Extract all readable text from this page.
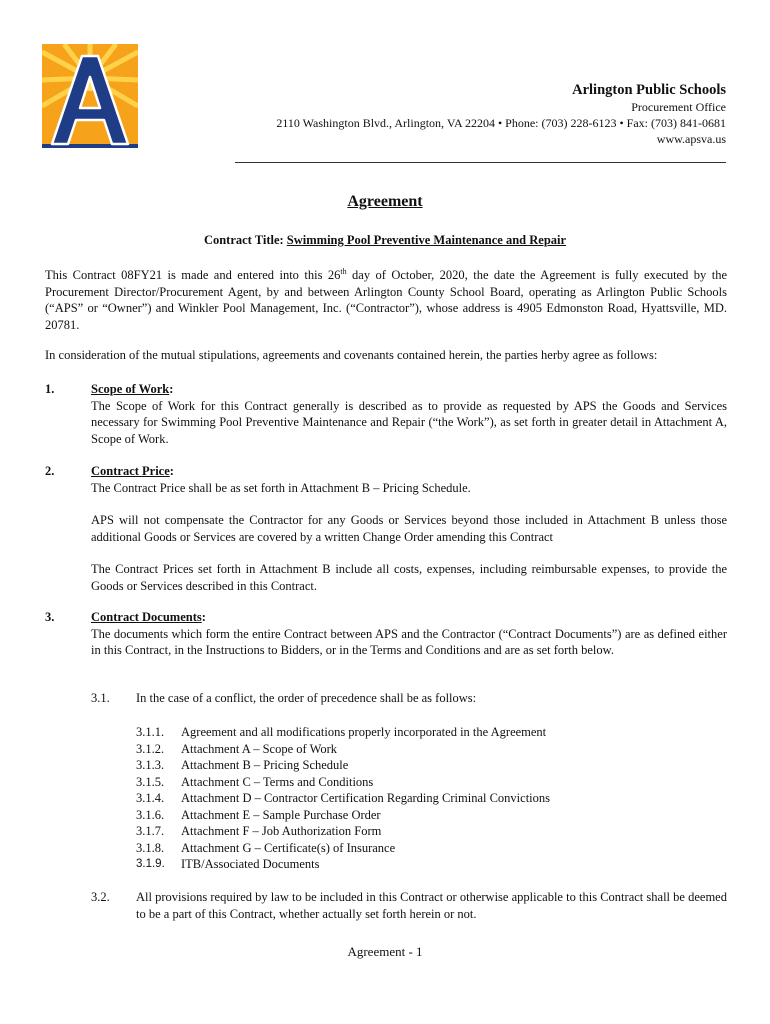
Arlington Public Schools
Procurement Office
2110 Washington Blvd., Arlington, VA 22204 • Phone: (703) 228-6123 • Fax: (703) 841-0681
www.apsva.us
Agreement
Contract Title: Swimming Pool Preventive Maintenance and Repair
This Contract 08FY21 is made and entered into this 26th day of October, 2020, the date the Agreement is fully executed by the Procurement Director/Procurement Agent, by and between Arlington County School Board, operating as Arlington Public Schools (“APS” or “Owner”) and Winkler Pool Management, Inc. (“Contractor”), whose address is 4905 Edmonston Road, Hyattsville, MD. 20781.
In consideration of the mutual stipulations, agreements and covenants contained herein, the parties herby agree as follows:
1.	Scope of Work:
The Scope of Work for this Contract generally is described as to provide as requested by APS the Goods and Services necessary for Swimming Pool Preventive Maintenance and Repair (“the Work”), as set forth in greater detail in Attachment A, Scope of Work.
2.	Contract Price:
The Contract Price shall be as set forth in Attachment B – Pricing Schedule.
APS will not compensate the Contractor for any Goods or Services beyond those included in Attachment B unless those additional Goods or Services are covered by a written Change Order amending this Contract
The Contract Prices set forth in Attachment B include all costs, expenses, including reimbursable expenses, to provide the Goods or Services described in this Contract.
3.	Contract Documents:
The documents which form the entire Contract between APS and the Contractor (“Contract Documents”) are as defined either in this Contract, in the Instructions to Bidders, or in the Terms and Conditions and are as set forth below.
3.1. In the case of a conflict, the order of precedence shall be as follows:
3.1.1. Agreement and all modifications properly incorporated in the Agreement
3.1.2. Attachment A – Scope of Work
3.1.3. Attachment B – Pricing Schedule
3.1.5. Attachment C – Terms and Conditions
3.1.4. Attachment D – Contractor Certification Regarding Criminal Convictions
3.1.6. Attachment E – Sample Purchase Order
3.1.7. Attachment F – Job Authorization Form
3.1.8. Attachment G – Certificate(s) of Insurance
3.1.9. ITB/Associated Documents
3.2. All provisions required by law to be included in this Contract or otherwise applicable to this Contract shall be deemed to be a part of this Contract, whether actually set forth herein or not.
Agreement - 1
